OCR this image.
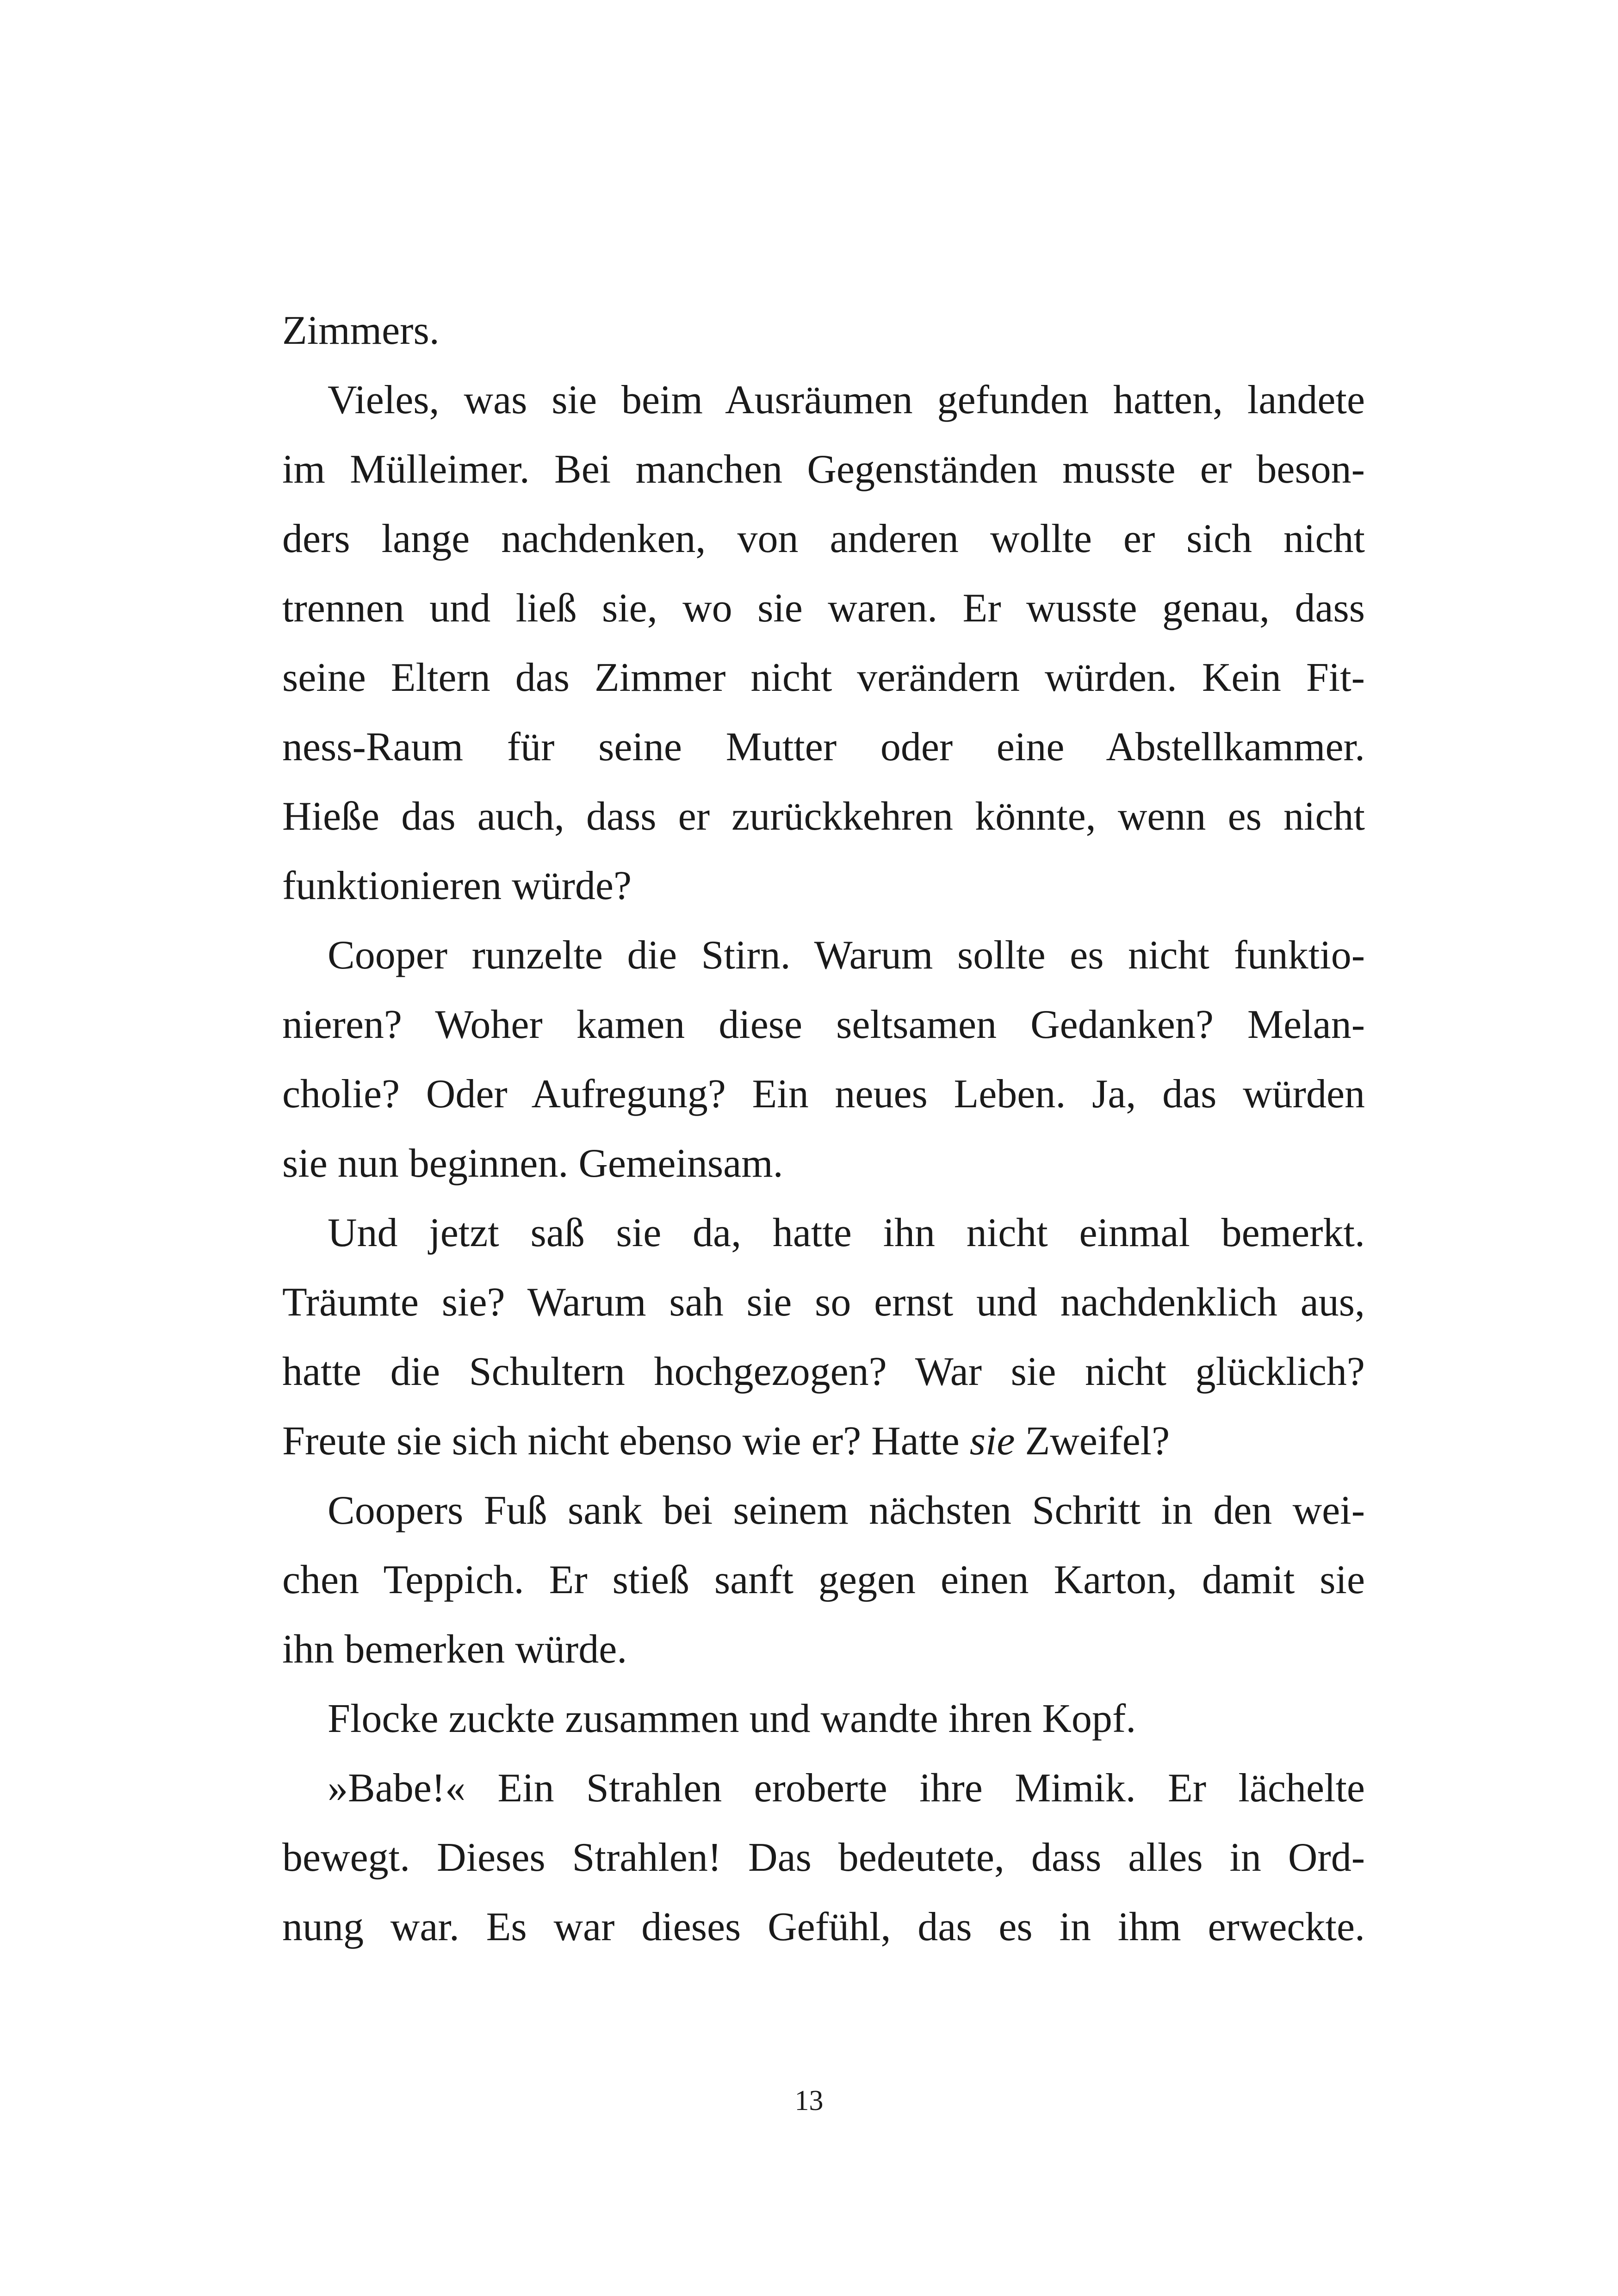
Zimmers.
Vieles, was sie beim Ausräumen gefunden hatten, landete
im Mülleimer. Bei manchen Gegenständen musste er beson-
ders lange nachdenken, von anderen wollte er sich nicht
trennen und ließ sie, wo sie waren. Er wusste genau, dass
seine Eltern das Zimmer nicht verändern würden. Kein Fit-
ness-Raum für seine Mutter oder eine Abstellkammer.
Hieße das auch, dass er zurückkehren könnte, wenn es nicht
funktionieren würde?
Cooper runzelte die Stirn. Warum sollte es nicht funktio-
nieren? Woher kamen diese seltsamen Gedanken? Melan-
cholie? Oder Aufregung? Ein neues Leben. Ja, das würden
sie nun beginnen. Gemeinsam.
Und jetzt saß sie da, hatte ihn nicht einmal bemerkt.
Träumte sie? Warum sah sie so ernst und nachdenklich aus,
hatte die Schultern hochgezogen? War sie nicht glücklich?
Freute sie sich nicht ebenso wie er? Hatte sie Zweifel?
Coopers Fuß sank bei seinem nächsten Schritt in den wei-
chen Teppich. Er stieß sanft gegen einen Karton, damit sie
ihn bemerken würde.
Flocke zuckte zusammen und wandte ihren Kopf.
»Babe!« Ein Strahlen eroberte ihre Mimik. Er lächelte
bewegt. Dieses Strahlen! Das bedeutete, dass alles in Ord-
nung war. Es war dieses Gefühl, das es in ihm erweckte.
13
